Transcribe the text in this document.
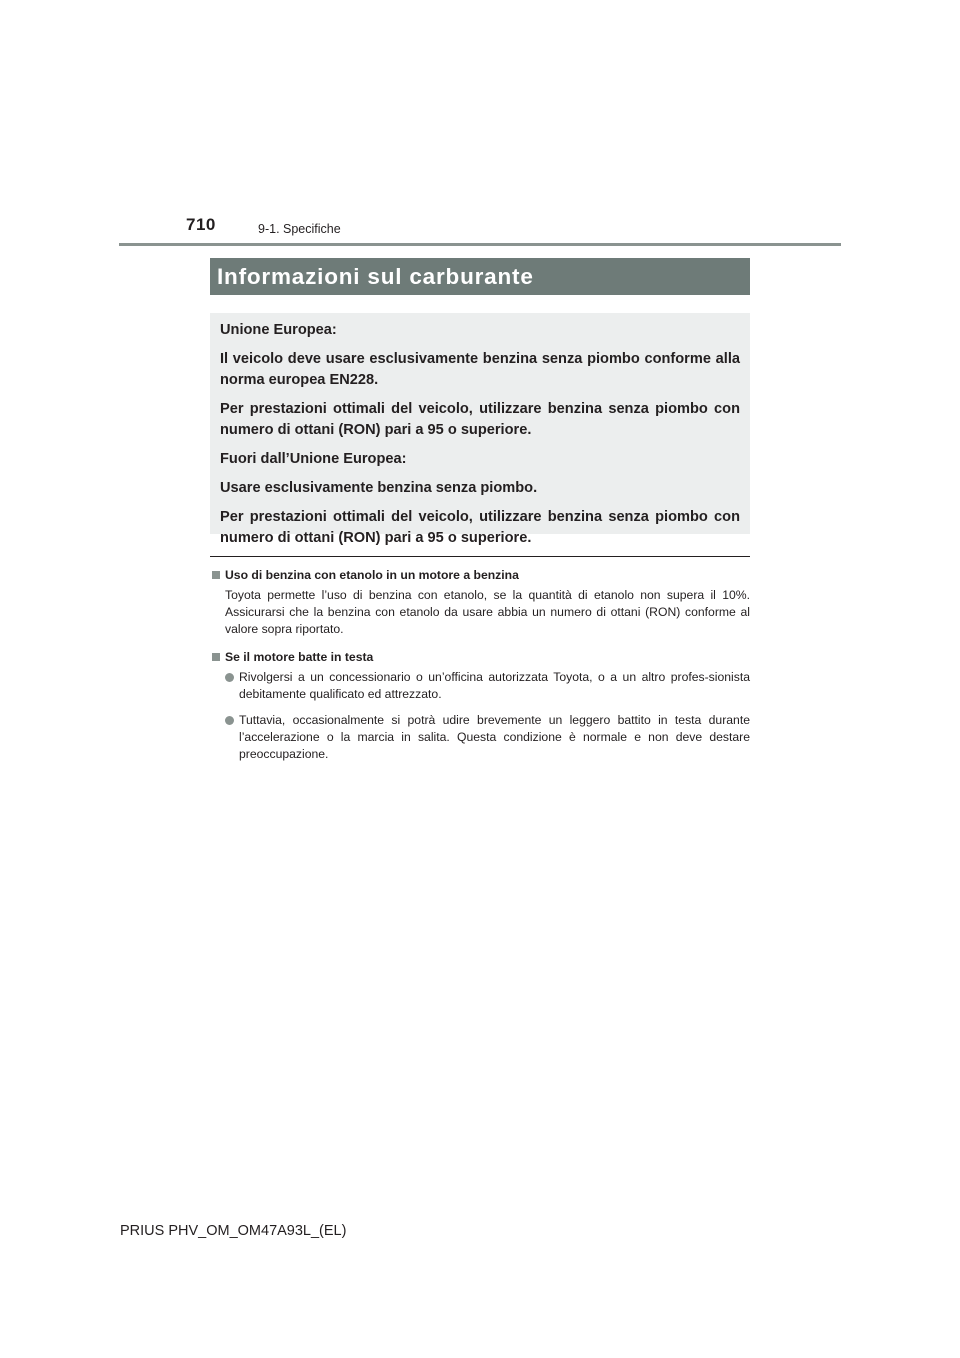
710	9-1. Specifiche
Informazioni sul carburante

Unione Europea:

Il veicolo deve usare esclusivamente benzina senza piombo conforme alla norma europea EN228.

Per prestazioni ottimali del veicolo, utilizzare benzina senza piombo con numero di ottani (RON) pari a 95 o superiore.

Fuori dall’Unione Europea:

Usare esclusivamente benzina senza piombo.

Per prestazioni ottimali del veicolo, utilizzare benzina senza piombo con numero di ottani (RON) pari a 95 o superiore.

Uso di benzina con etanolo in un motore a benzina
Toyota permette l’uso di benzina con etanolo, se la quantità di etanolo non supera il 10%. Assicurarsi che la benzina con etanolo da usare abbia un numero di ottani (RON) conforme al valore sopra riportato.
Se il motore batte in testa
Rivolgersi a un concessionario o un’officina autorizzata Toyota, o a un altro profes-sionista debitamente qualificato ed attrezzato.
Tuttavia, occasionalmente si potrà udire brevemente un leggero battito in testa durante l’accelerazione o la marcia in salita. Questa condizione è normale e non deve destare preoccupazione.
PRIUS PHV_OM_OM47A93L_(EL)
